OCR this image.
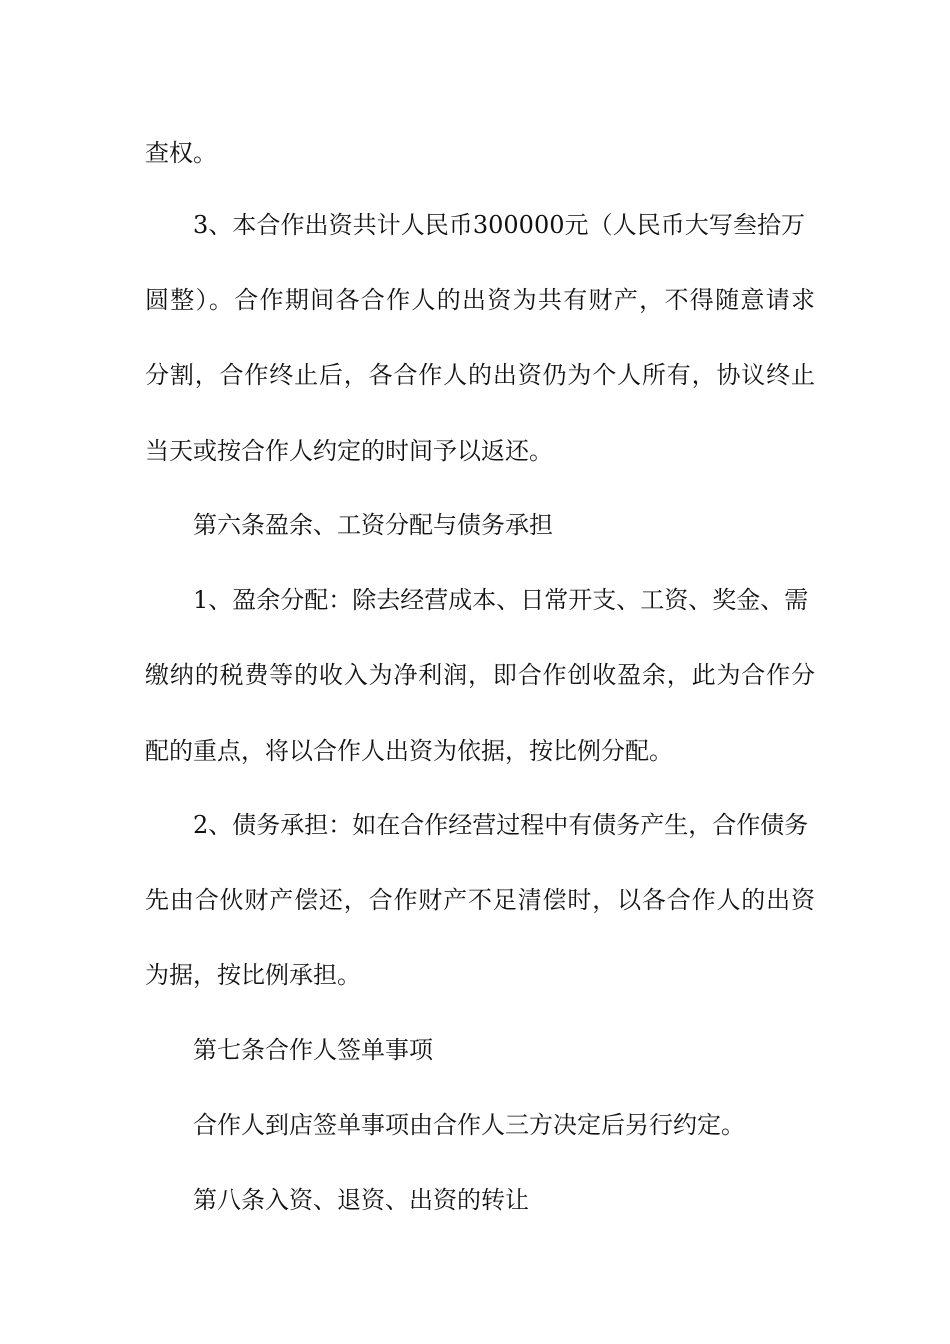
查权。
3、本合作出资共计人民币300000元（人民币大写叁拾万
圆整）。合作期间各合作人的出资为共有财产，不得随意请求
分割，合作终止后，各合作人的出资仍为个人所有，协议终止
当天或按合作人约定的时间予以返还。
第六条盈余、工资分配与债务承担
1、盈余分配：除去经营成本、日常开支、工资、奖金、需
缴纳的税费等的收入为净利润，即合作创收盈余，此为合作分
配的重点，将以合作人出资为依据，按比例分配。
2、债务承担：如在合作经营过程中有债务产生，合作债务
先由合伙财产偿还，合作财产不足清偿时，以各合作人的出资
为据，按比例承担。
第七条合作人签单事项
合作人到店签单事项由合作人三方决定后另行约定。
第八条入资、退资、出资的转让
